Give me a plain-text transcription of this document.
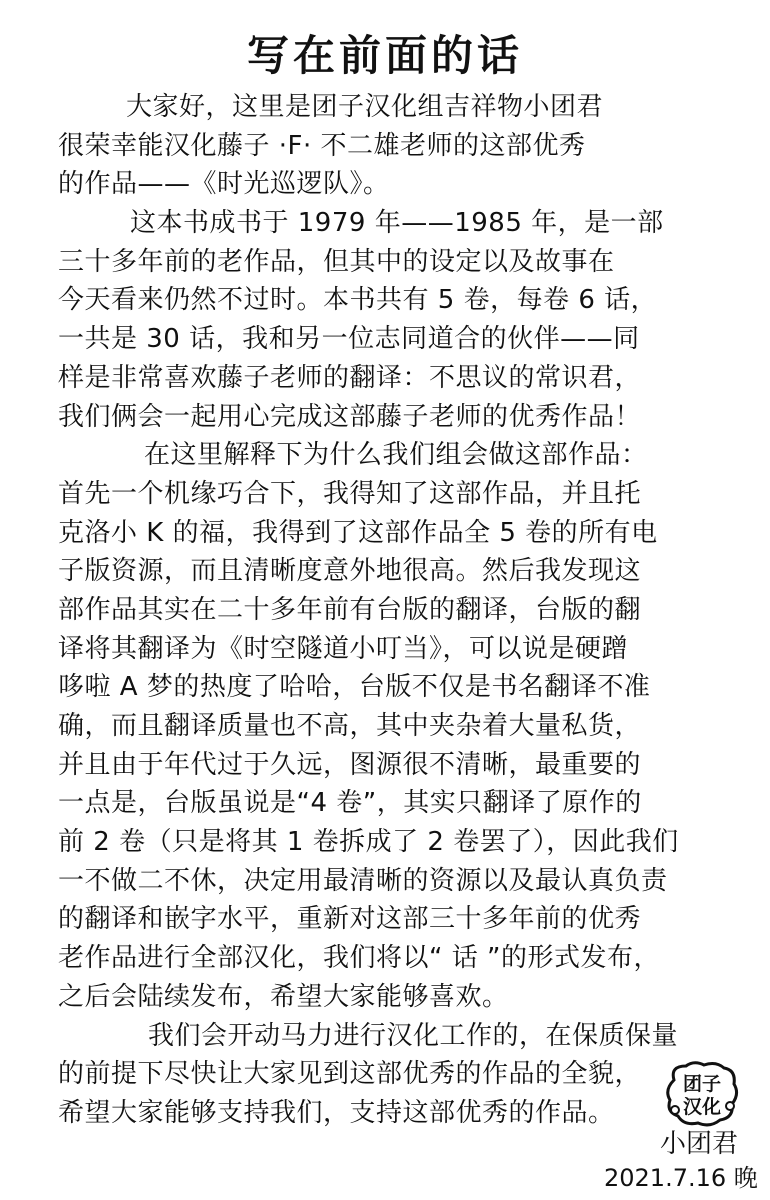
写在前面的话
大家好，这里是团子汉化组吉祥物小团君
很荣幸能汉化藤子 ·F· 不二雄老师的这部优秀
的作品——《时光巡逻队》。
这本书成书于 1979 年——1985 年，是一部
三十多年前的老作品，但其中的设定以及故事在
今天看来仍然不过时。本书共有 5 卷，每卷 6 话，
一共是 30 话，我和另一位志同道合的伙伴——同
样是非常喜欢藤子老师的翻译：不思议的常识君，
我们俩会一起用心完成这部藤子老师的优秀作品！
在这里解释下为什么我们组会做这部作品：
首先一个机缘巧合下，我得知了这部作品，并且托
克洛小 K 的福，我得到了这部作品全 5 卷的所有电
子版资源，而且清晰度意外地很高。然后我发现这
部作品其实在二十多年前有台版的翻译，台版的翻
译将其翻译为《时空隧道小叮当》，可以说是硬蹭
哆啦 A 梦的热度了哈哈，台版不仅是书名翻译不准
确，而且翻译质量也不高，其中夹杂着大量私货，
并且由于年代过于久远，图源很不清晰，最重要的
一点是，台版虽说是“4 卷”，其实只翻译了原作的
前 2 卷（只是将其 1 卷拆成了 2 卷罢了），因此我们
一不做二不休，决定用最清晰的资源以及最认真负责
的翻译和嵌字水平，重新对这部三十多年前的优秀
老作品进行全部汉化，我们将以“ 话 ”的形式发布，
之后会陆续发布，希望大家能够喜欢。
我们会开动马力进行汉化工作的，在保质保量
的前提下尽快让大家见到这部优秀的作品的全貌，
希望大家能够支持我们，支持这部优秀的作品。
团子
汉化
小团君
2021.7.16 晚
